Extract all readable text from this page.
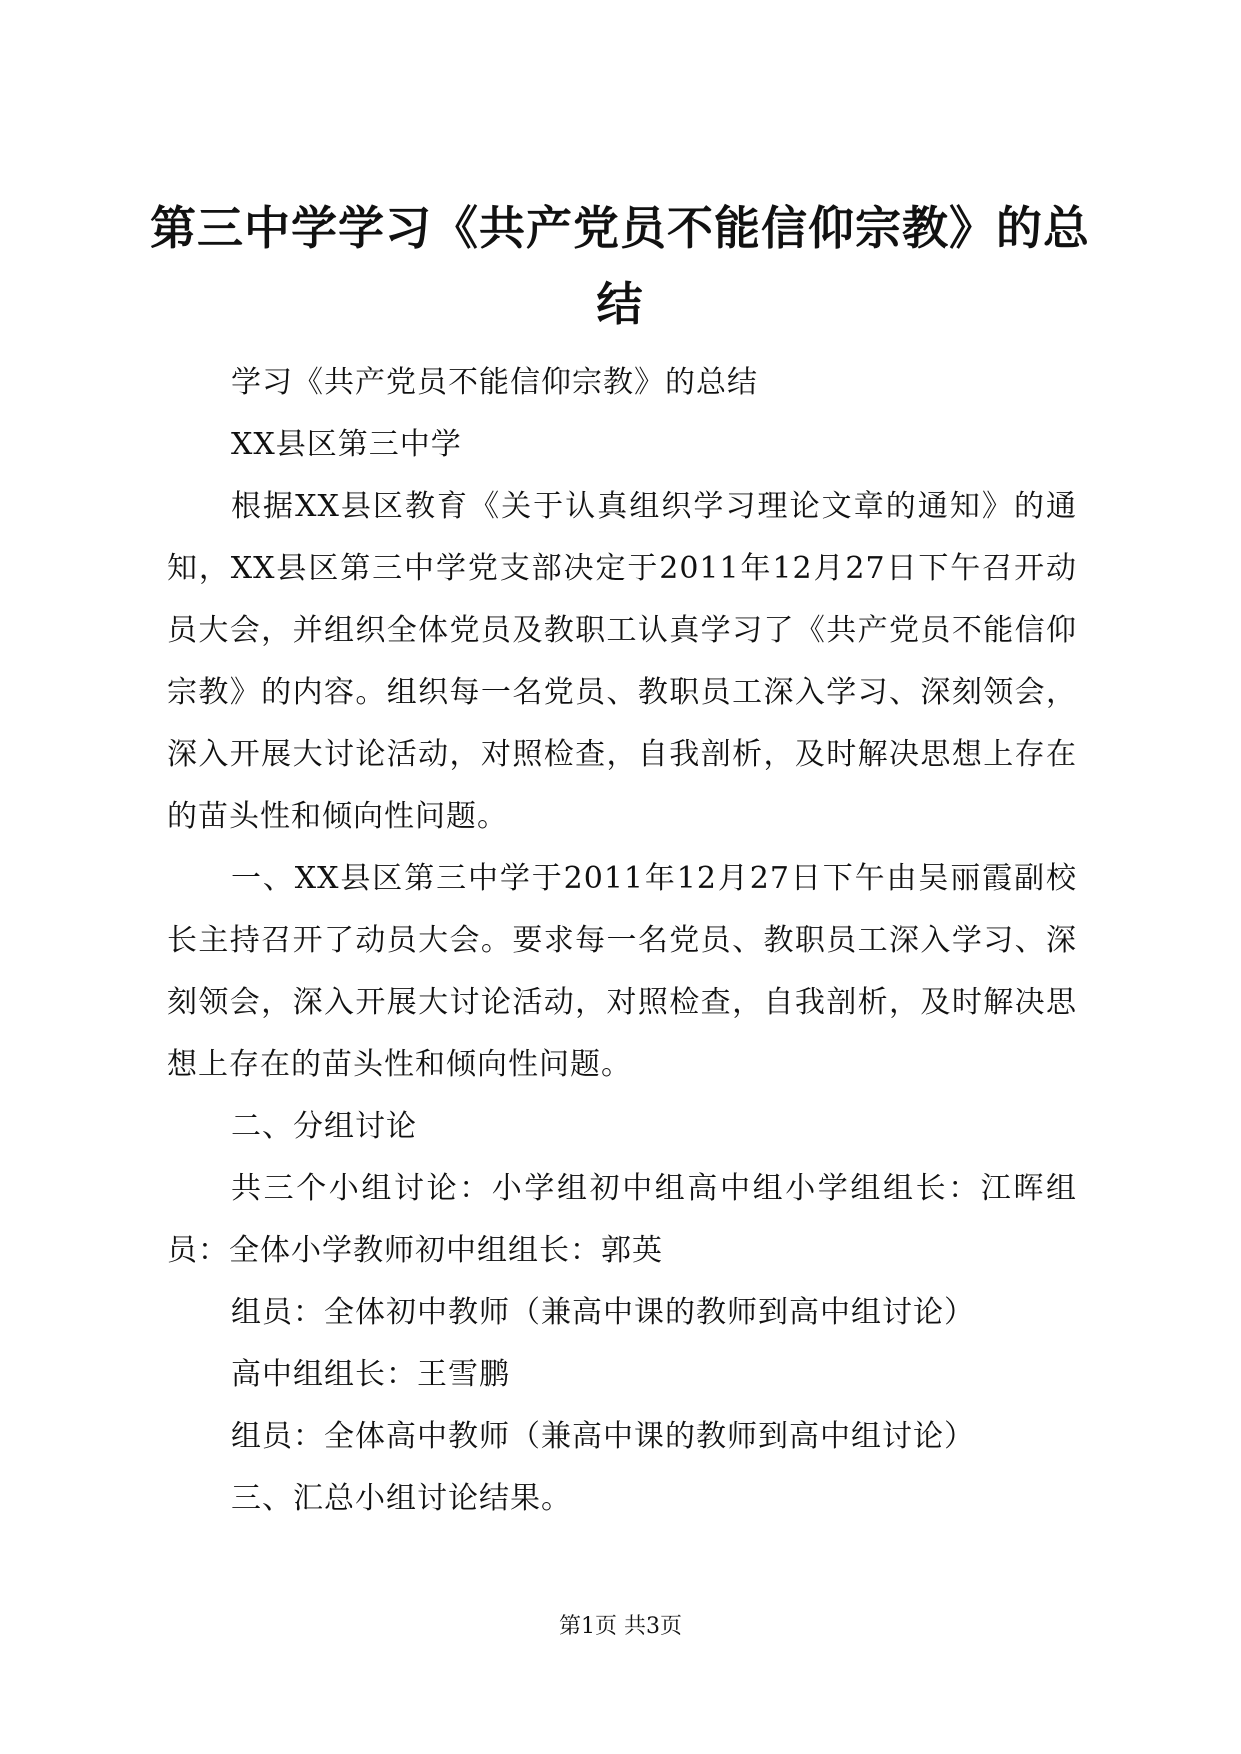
第三中学学习《共产党员不能信仰宗教》的总结

学习《共产党员不能信仰宗教》的总结

XX县区第三中学

根据XX县区教育《关于认真组织学习理论文章的通知》的通知，XX县区第三中学党支部决定于2011年12月27日下午召开动员大会，并组织全体党员及教职工认真学习了《共产党员不能信仰宗教》的内容。组织每一名党员、教职员工深入学习、深刻领会，深入开展大讨论活动，对照检查，自我剖析，及时解决思想上存在的苗头性和倾向性问题。

一、XX县区第三中学于2011年12月27日下午由吴丽霞副校长主持召开了动员大会。要求每一名党员、教职员工深入学习、深刻领会，深入开展大讨论活动，对照检查，自我剖析，及时解决思想上存在的苗头性和倾向性问题。

二、分组讨论

共三个小组讨论：小学组初中组高中组小学组组长：江晖组员：全体小学教师初中组组长：郭英

组员：全体初中教师（兼高中课的教师到高中组讨论）

高中组组长：王雪鹏

组员：全体高中教师（兼高中课的教师到高中组讨论）

三、汇总小组讨论结果。

第1页 共3页
